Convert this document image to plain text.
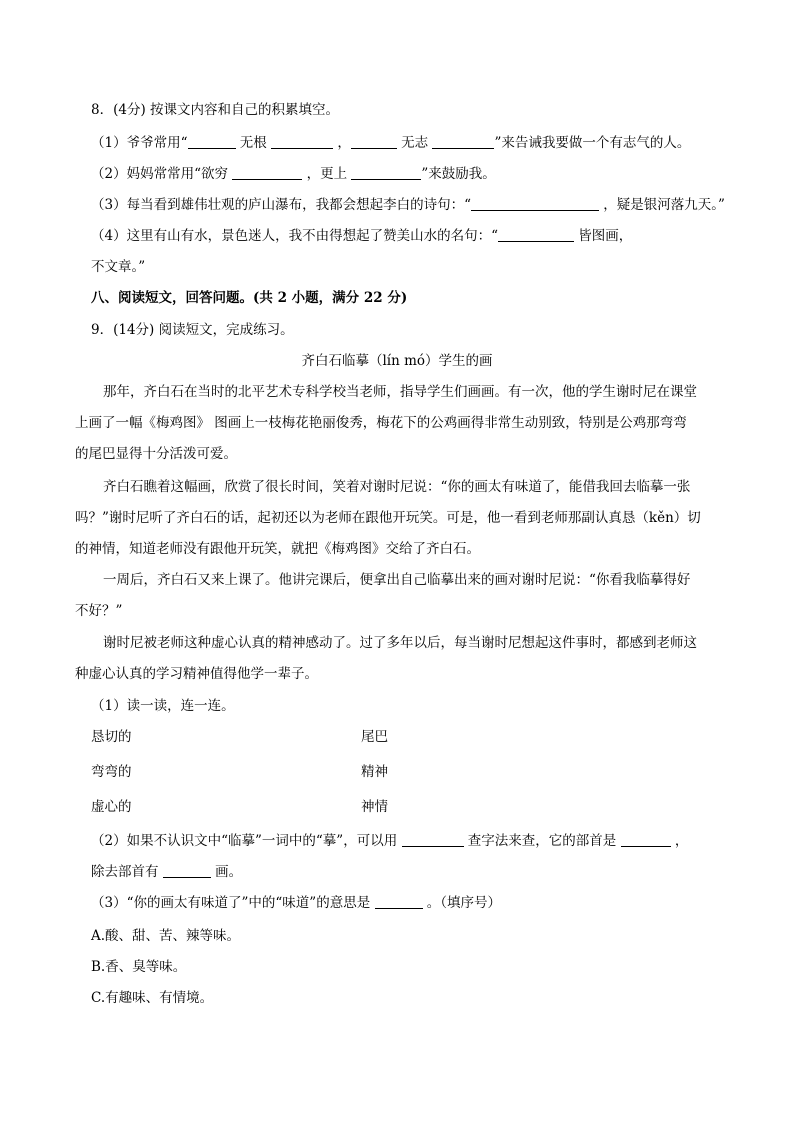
8．(4分) 按课文内容和自己的积累填空。
（1）爷爷常用“	无根	，	无志	”来告诫我要做一个有志气的人。
（2）妈妈常常用“欲穷	，更上	”来鼓励我。
（3）每当看到雄伟壮观的庐山瀑布，我都会想起李白的诗句：“	，疑是银河落九天。”
（4）这里有山有水，景色迷人，我不由得想起了赞美山水的名句：“	皆图画，
不文章。”
八、阅读短文，回答问题。(共 2 小题，满分 22 分)
9．(14分) 阅读短文，完成练习。
齐白石临摹（lín mó）学生的画
那年，齐白石在当时的北平艺术专科学校当老师，指导学生们画画。有一次，他的学生谢时尼在课堂
上画了一幅《梅鸡图》 图画上一枝梅花艳丽俊秀，梅花下的公鸡画得非常生动别致，特别是公鸡那弯弯
的尾巴显得十分活泼可爱。
齐白石瞧着这幅画，欣赏了很长时间，笑着对谢时尼说：“你的画太有味道了，能借我回去临摹一张
吗？”谢时尼听了齐白石的话，起初还以为老师在跟他开玩笑。可是，他一看到老师那副认真恳（kěn）切
的神情，知道老师没有跟他开玩笑，就把《梅鸡图》交给了齐白石。
一周后，齐白石又来上课了。他讲完课后，便拿出自己临摹出来的画对谢时尼说：“你看我临摹得好
不好？”
谢时尼被老师这种虚心认真的精神感动了。过了多年以后，每当谢时尼想起这件事时，都感到老师这
种虚心认真的学习精神值得他学一辈子。
（1）读一读，连一连。
恳切的	尾巴
弯弯的	精神
虚心的	神情
（2）如果不认识文中“临摹”一词中的“摹”，可以用	查字法来查，它的部首是	，
除去部首有	画。
（3）“你的画太有味道了”中的“味道”的意思是	。（填序号）
A.酸、甜、苦、辣等味。
B.香、臭等味。
C.有趣味、有情境。
